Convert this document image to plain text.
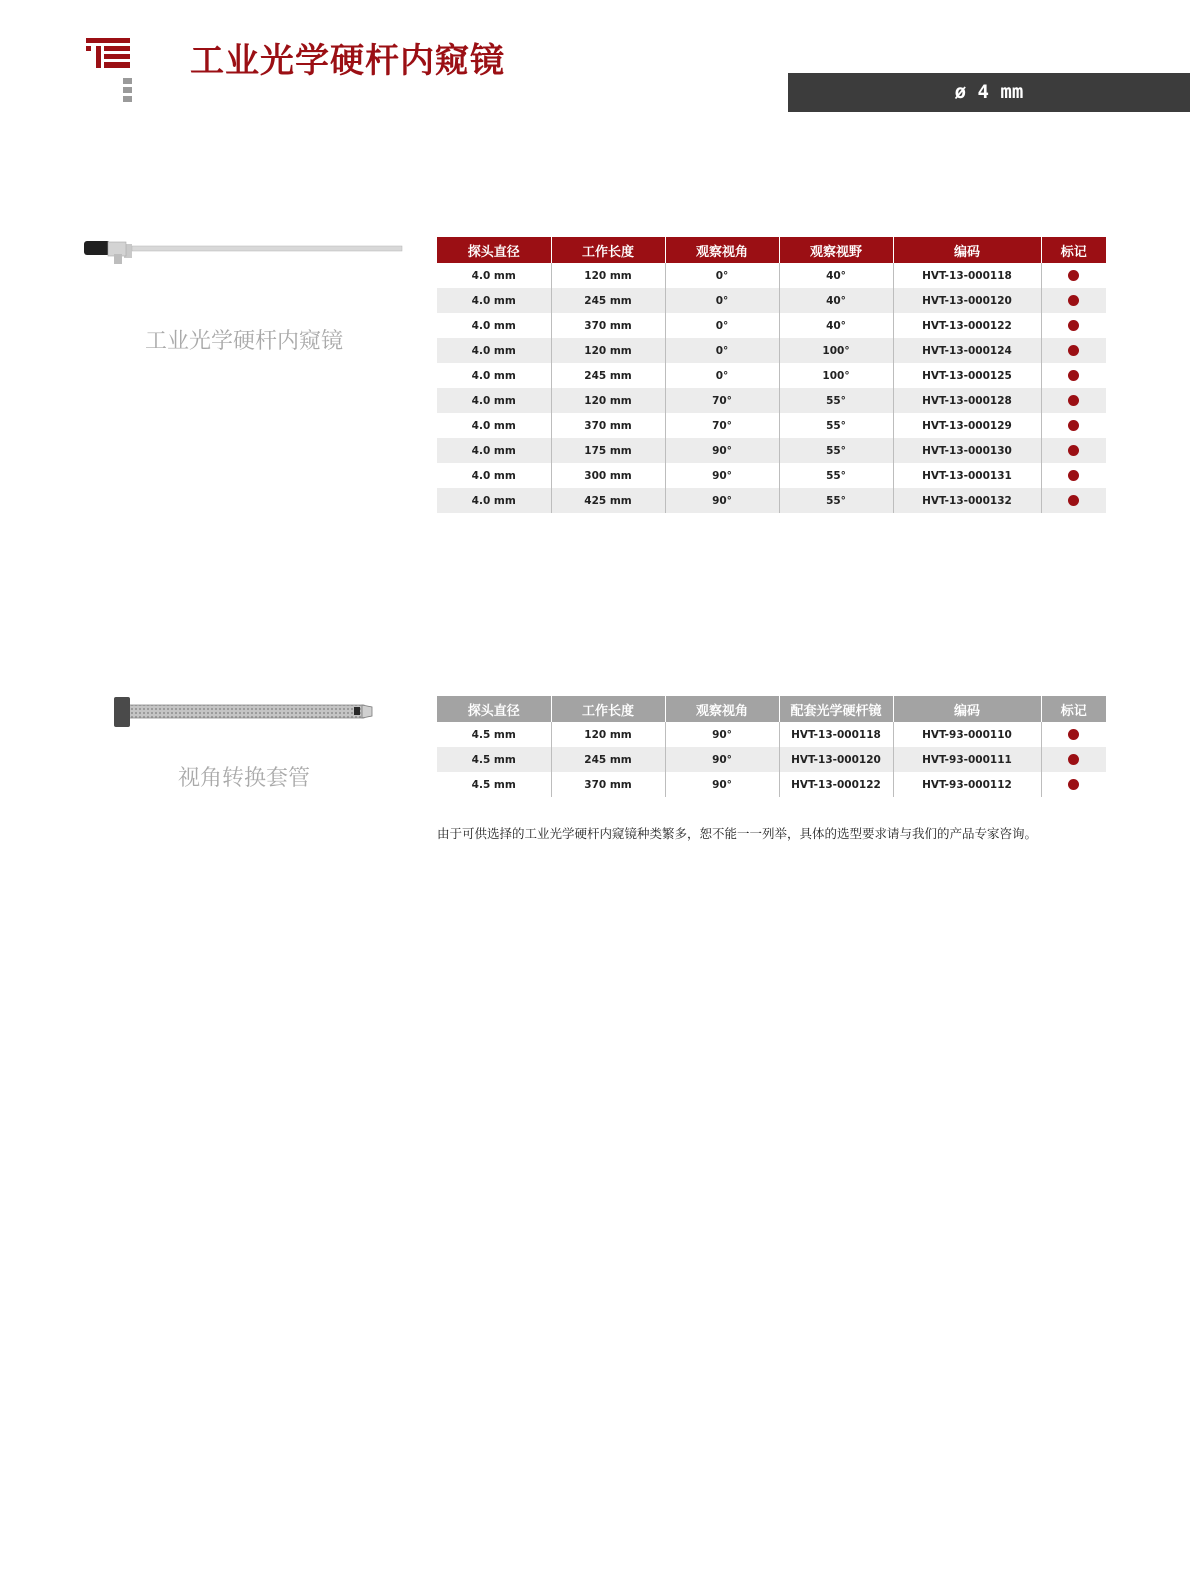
工业光学硬杆内窥镜
ø 4 mm
工业光学硬杆内窥镜
探头直径	工作长度	观察视角	观察视野	编码	标记
4.0 mm	120 mm	0°	40°	HVT-13-000118	
4.0 mm	245 mm	0°	40°	HVT-13-000120	
4.0 mm	370 mm	0°	40°	HVT-13-000122	
4.0 mm	120 mm	0°	100°	HVT-13-000124	
4.0 mm	245 mm	0°	100°	HVT-13-000125	
4.0 mm	120 mm	70°	55°	HVT-13-000128	
4.0 mm	370 mm	70°	55°	HVT-13-000129	
4.0 mm	175 mm	90°	55°	HVT-13-000130	
4.0 mm	300 mm	90°	55°	HVT-13-000131	
4.0 mm	425 mm	90°	55°	HVT-13-000132	
视角转换套管
探头直径	工作长度	观察视角	配套光学硬杆镜	编码	标记
4.5 mm	120 mm	90°	HVT-13-000118	HVT-93-000110	
4.5 mm	245 mm	90°	HVT-13-000120	HVT-93-000111	
4.5 mm	370 mm	90°	HVT-13-000122	HVT-93-000112	
由于可供选择的工业光学硬杆内窥镜种类繁多，恕不能一一列举，具体的选型要求请与我们的产品专家咨询。
